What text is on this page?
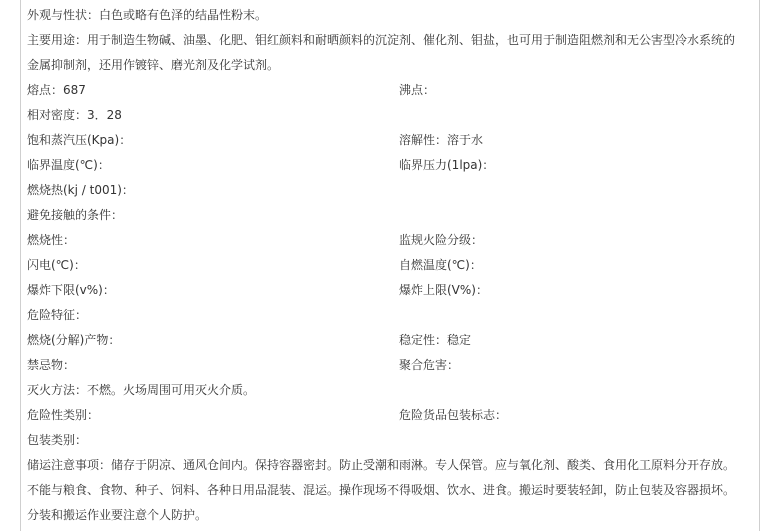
外观与性状：白色或略有色泽的结晶性粉末。
主要用途：用于制造生物碱、油墨、化肥、钼红颜料和耐晒颜料的沉淀剂、催化剂、钼盐，也可用于制造阻燃剂和无公害型冷水系统的金属抑制剂，还用作镀锌、磨光剂及化学试剂。
熔点：687	沸点：
相对密度：3．28
饱和蒸汽压(Kpa)：	溶解性：溶于水
临界温度(℃)：	临界压力(1lpa)：
燃烧热(kj / t001)：
避免接触的条件：
燃烧性：	监规火险分级：
闪电(℃)：	自燃温度(℃)：
爆炸下限(v%)：	爆炸上限(V%)：
危险特征：
燃烧(分解)产物：	稳定性：稳定
禁忌物：	聚合危害：
灭火方法：不燃。火场周围可用灭火介质。
危险性类别：	危险货品包装标志：
包装类别：
储运注意事项：储存于阴凉、通风仓间内。保持容器密封。防止受潮和雨淋。专人保管。应与氧化剂、酸类、食用化工原料分开存放。不能与粮食、食物、种子、饲料、各种日用品混装、混运。操作现场不得吸烟、饮水、进食。搬运时要装轻卸，防止包装及容器损坏。分装和搬运作业要注意个人防护。
